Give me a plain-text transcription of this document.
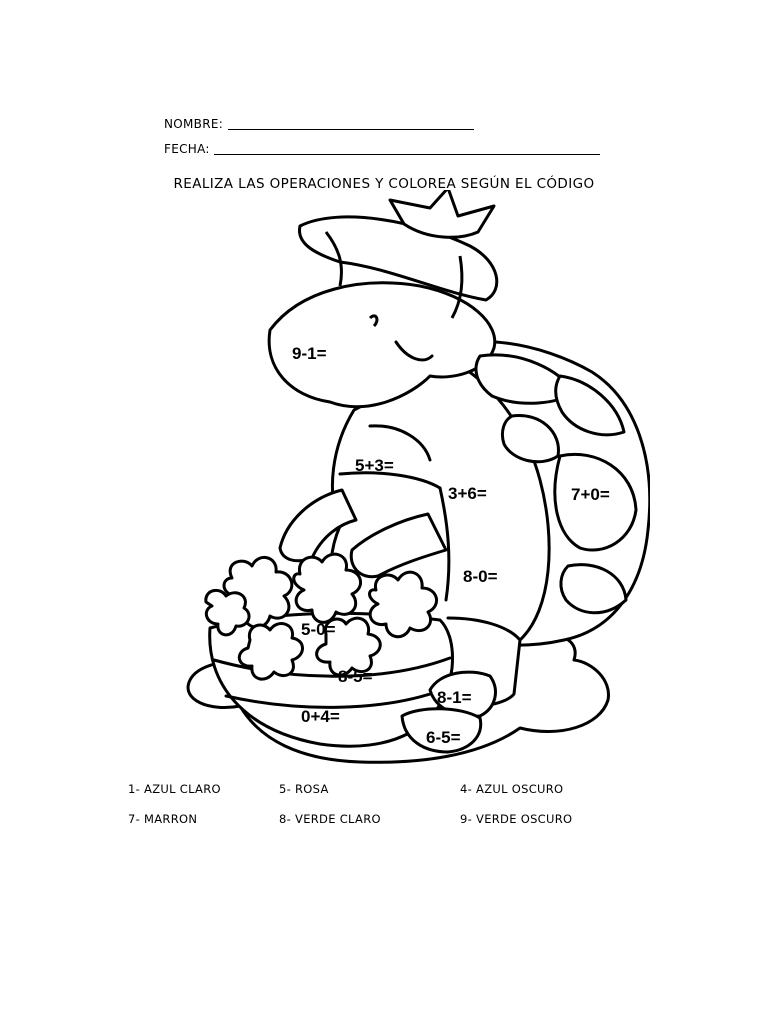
NOMBRE:
FECHA:
REALIZA LAS OPERACIONES Y COLOREA SEGÚN EL CÓDIGO
9-1=
5+3=
3+6=	7+0=
8-0=
5-0=
8-5=
8-1=
0+4=
6-5=
1- AZUL CLARO	5- ROSA	4- AZUL OSCURO
7- MARRON	8- VERDE CLARO	9- VERDE OSCURO
